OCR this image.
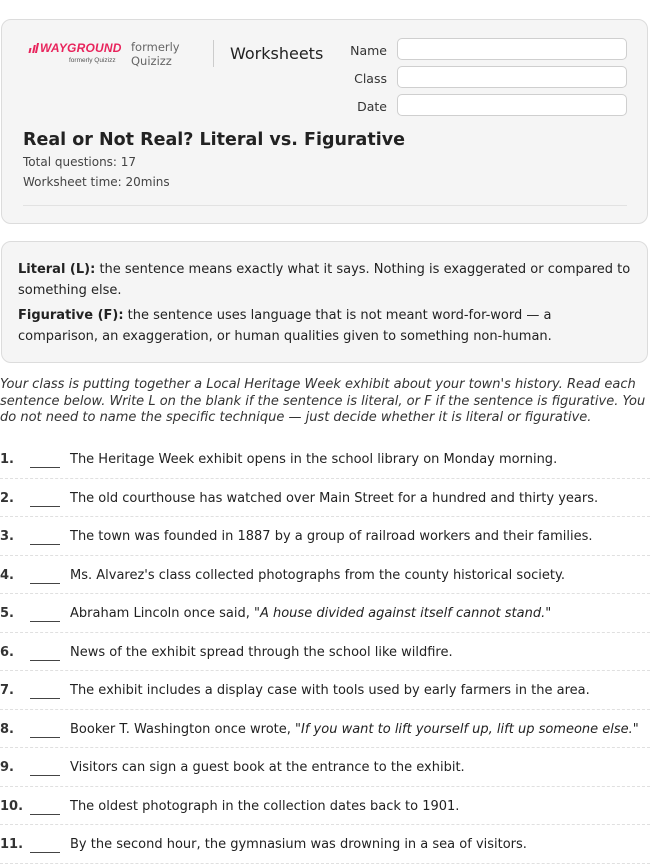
WAYGROUND
formerly Quizizz
formerly
Quizizz	Worksheets	Name
Class
Date
Real or Not Real? Literal vs. Figurative
Total questions: 17
Worksheet time: 20mins

Literal (L): the sentence means exactly what it says. Nothing is exaggerated or compared to something else.

Figurative (F): the sentence uses language that is not meant word-for-word — a comparison, an exaggeration, or human qualities given to something non-human.

Your class is putting together a Local Heritage Week exhibit about your town's history. Read each sentence below. Write L on the blank if the sentence is literal, or F if the sentence is figurative. You do not need to name the specific technique — just decide whether it is literal or figurative.
1.	The Heritage Week exhibit opens in the school library on Monday morning.
2.	The old courthouse has watched over Main Street for a hundred and thirty years.
3.	The town was founded in 1887 by a group of railroad workers and their families.
4.	Ms. Alvarez's class collected photographs from the county historical society.
5.	Abraham Lincoln once said, "A house divided against itself cannot stand."
6.	News of the exhibit spread through the school like wildfire.
7.	The exhibit includes a display case with tools used by early farmers in the area.
8.	Booker T. Washington once wrote, "If you want to lift yourself up, lift up someone else."
9.	Visitors can sign a guest book at the entrance to the exhibit.
10.	The oldest photograph in the collection dates back to 1901.
11.	By the second hour, the gymnasium was drowning in a sea of visitors.
